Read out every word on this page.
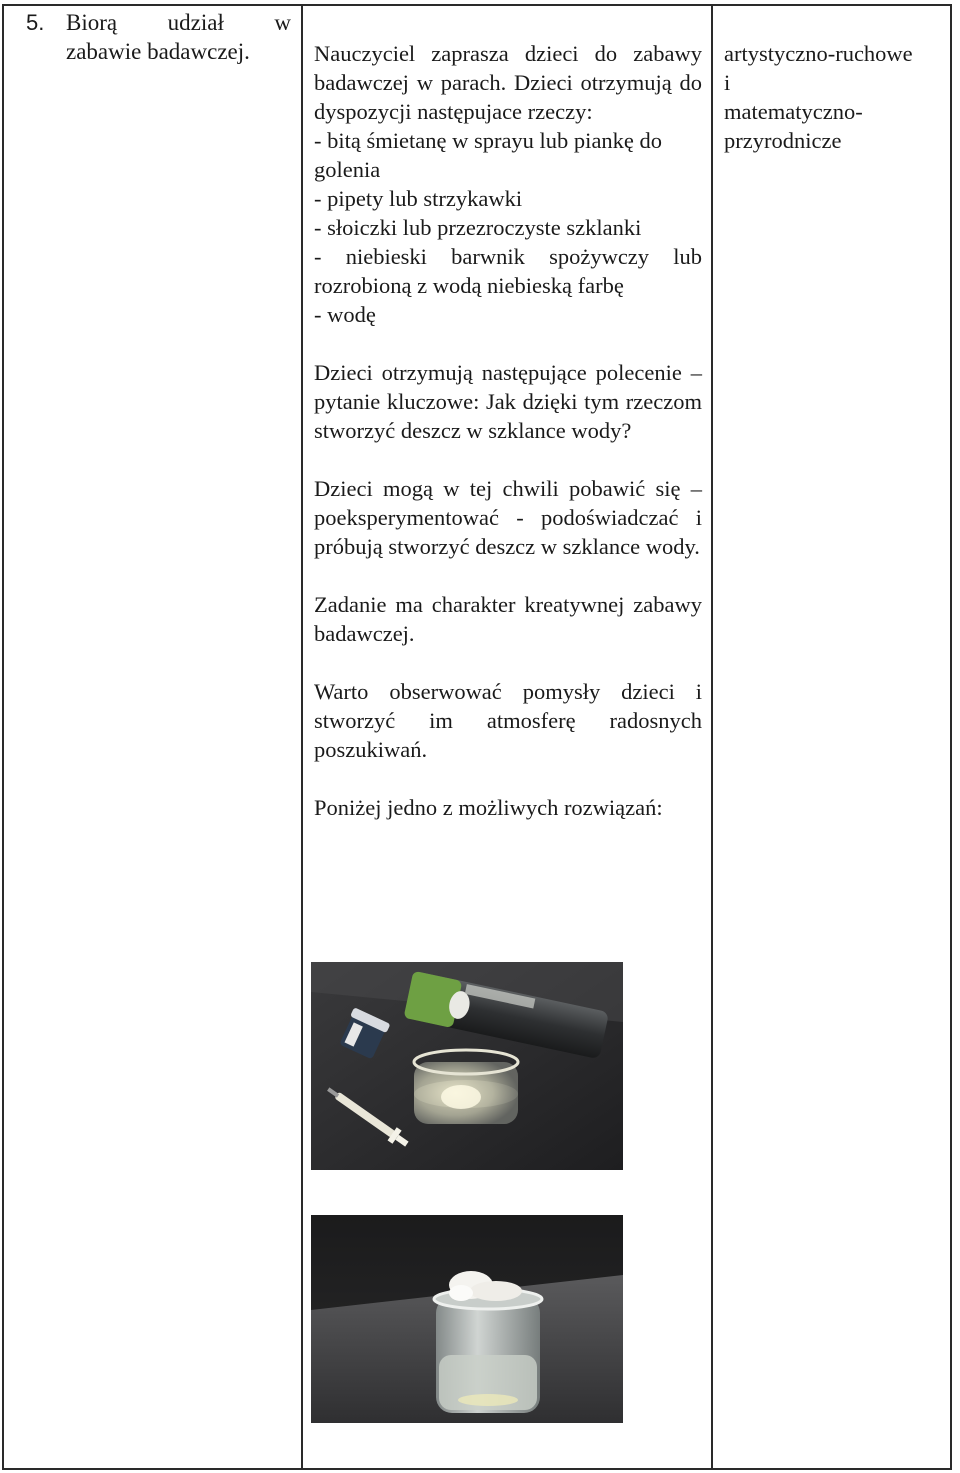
5. Biorą udział w
zabawie badawczej.	Nauczyciel zaprasza dzieci do zabawy badawczej w parach. Dzieci otrzymują do dyspozycji następujace rzeczy:

- bitą śmietanę w sprayu lub piankę do golenia

- pipety lub strzykawki

- słoiczki lub przezroczyste szklanki

- niebieski barwnik spożywczy lub rozrobioną z wodą niebieską farbę

- wodę

Dzieci otrzymują następujące polecenie – pytanie kluczowe: Jak dzięki tym rzeczom stworzyć deszcz w szklance wody?

Dzieci mogą w tej chwili pobawić się – poeksperymentować - podoświadczać i próbują stworzyć deszcz w szklance wody.

Zadanie ma charakter kreatywnej zabawy badawczej.

Warto obserwować pomysły dzieci i stworzyć im atmosferę radosnych poszukiwań.

Poniżej jedno z możliwych rozwiązań:

artystyczno-ruchowe
i
matematyczno-
przyrodnicze
